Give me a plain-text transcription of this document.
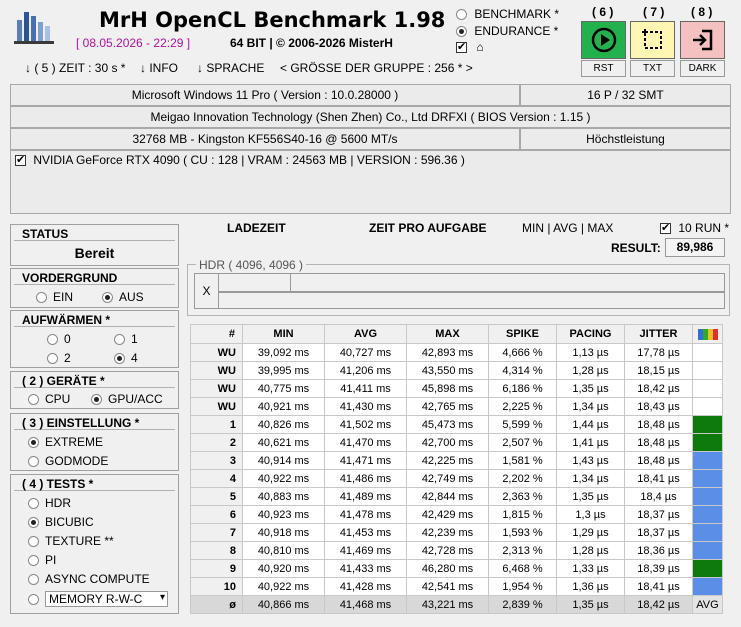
MrH OpenCL Benchmark 1.98
[ 08.05.2026 - 22:29 ]	64 BIT | © 2006-2026 MisterH
BENCHMARK *
ENDURANCE *
✔ ⌂
( 6 )
RST
( 7 )
TXT
( 8 )
DARK
↓ ( 5 ) ZEIT : 30 s * ↓ INFO ↓ SPRACHE < GRÖSSE DER GRUPPE : 256 * >
Microsoft Windows 11 Pro ( Version : 10.0.28000 )	16 P / 32 SMT
Meigao Innovation Technology (Shen Zhen) Co., Ltd DRFXI ( BIOS Version : 1.15 )
32768 MB - Kingston KF556S40-16 @ 5600 MT/s	Höchstleistung
✔ NVIDIA GeForce RTX 4090 ( CU : 128 | VRAM : 24563 MB | VERSION : 596.36 )
STATUS
Bereit
VORDERGRUND
EIN	AUS
AUFWÄRMEN *
0	1
2	4
( 2 ) GERÄTE *
CPU	GPU/ACC
( 3 ) EINSTELLUNG *
EXTREME
GODMODE
( 4 ) TESTS *
HDR
BICUBIC
TEXTURE **
PI
ASYNC COMPUTE
MEMORY R-W-C ▾
LADEZEIT	ZEIT PRO AUFGABE	MIN | AVG | MAX ✔	10 RUN *
RESULT:	89,986
HDR ( 4096, 4096 )
X
#	MIN	AVG	MAX	SPIKE	PACING	JITTER	
WU	39,092 ms	40,727 ms	42,893 ms	4,666 %	1,13 µs	17,78 µs	
WU	39,995 ms	41,206 ms	43,550 ms	4,314 %	1,28 µs	18,15 µs	
WU	40,775 ms	41,411 ms	45,898 ms	6,186 %	1,35 µs	18,42 µs	
WU	40,921 ms	41,430 ms	42,765 ms	2,225 %	1,34 µs	18,43 µs	
1	40,826 ms	41,502 ms	45,473 ms	5,599 %	1,44 µs	18,48 µs	
2	40,621 ms	41,470 ms	42,700 ms	2,507 %	1,41 µs	18,48 µs	
3	40,914 ms	41,471 ms	42,225 ms	1,581 %	1,43 µs	18,48 µs	
4	40,922 ms	41,486 ms	42,749 ms	2,202 %	1,34 µs	18,41 µs	
5	40,883 ms	41,489 ms	42,844 ms	2,363 %	1,35 µs	18,4 µs	
6	40,923 ms	41,478 ms	42,429 ms	1,815 %	1,3 µs	18,37 µs	
7	40,918 ms	41,453 ms	42,239 ms	1,593 %	1,29 µs	18,37 µs	
8	40,810 ms	41,469 ms	42,728 ms	2,313 %	1,28 µs	18,36 µs	
9	40,920 ms	41,433 ms	46,280 ms	6,468 %	1,33 µs	18,39 µs	
10	40,922 ms	41,428 ms	42,541 ms	1,954 %	1,36 µs	18,41 µs	
ø	40,866 ms	41,468 ms	43,221 ms	2,839 %	1,35 µs	18,42 µs	AVG
